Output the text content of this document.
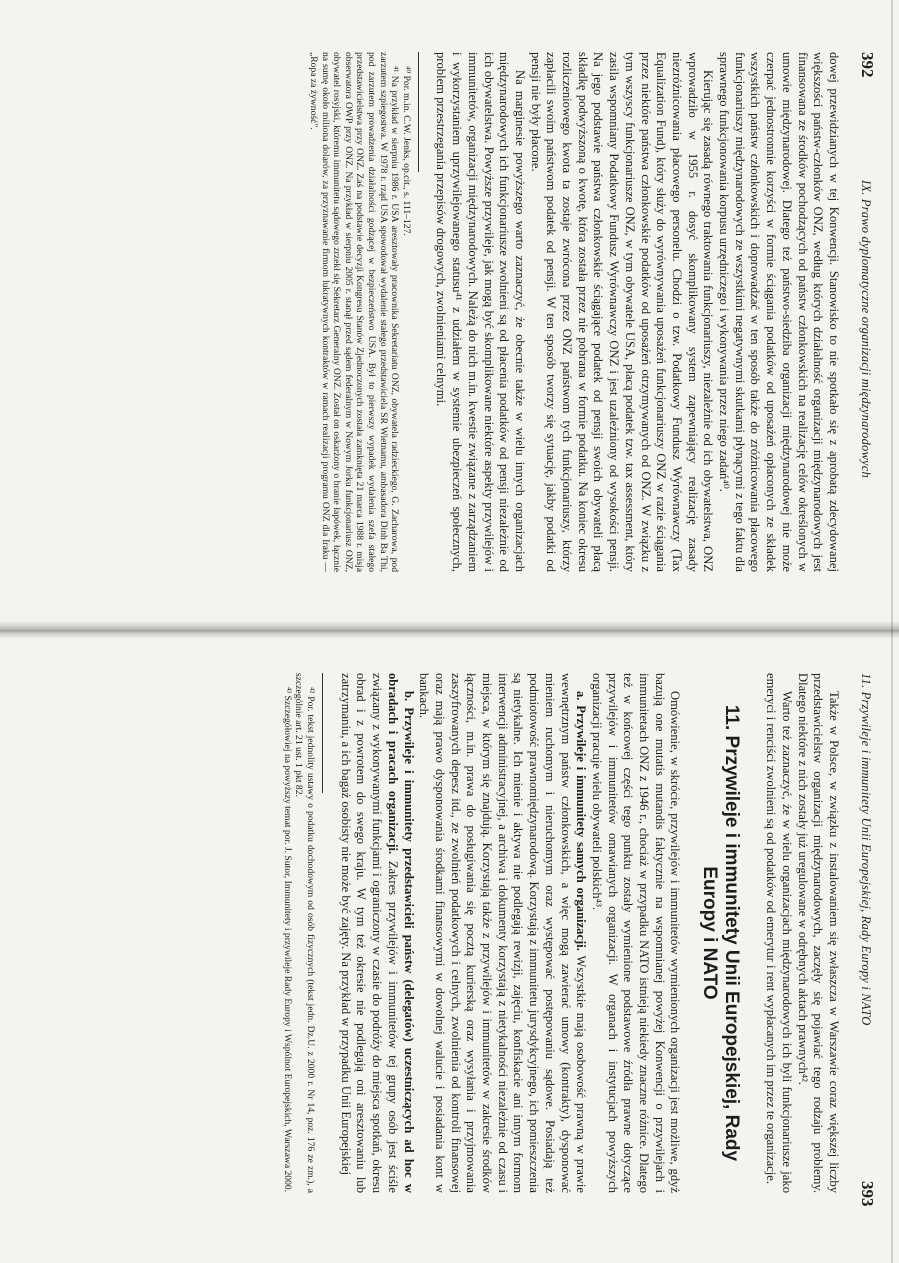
392
IX. Prawo dyplomatyczne organizacji międzynarodowych

dowej przewidzianych w tej Konwencji. Stanowisko to nie spotkało się z aprobatą zdecydowanej większości państw-członków ONZ, według których działalność organizacji międzynarodowych jest finansowana ze środków pochodzących od państw członkowskich na realizację celów określonych w umowie międzynarodowej. Dlatego też państwo-siedziba organizacji międzynarodowej nie może czerpać jednostronnie korzyści w formie ściągania podatków od uposażeń opłaconych ze składek wszystkich państw członkowskich i doprowadzać w ten sposób także do zróżnicowania płacowego funkcjonariuszy międzynarodowych ze wszystkimi negatywnymi skutkami płynącymi z tego faktu dla sprawnego funkcjonowania korpusu urzędniczego i wykonywania przez niego zadań⁴⁰.

Kierując się zasadą równego traktowania funkcjonariuszy, niezależnie od ich obywatelstwa, ONZ wprowadziło w 1955 r. dosyć skomplikowany system zapewniający realizację zasady niezróżnicowania płacowego personelu. Chodzi o tzw. Podatkowy Fundusz Wyrównawczy (Tax Equalization Fund), który służy do wyrównywania uposażeń funkcjonariuszy ONZ w razie ściągania przez niektóre państwa członkowskie podatków od uposażeń otrzymywanych od ONZ. W związku z tym wszyscy funkcjonariusze ONZ, w tym obywatele USA, płacą podatek tzw. tax assessment, który zasila wspomniany Podatkowy Fundusz Wyrównawczy ONZ i jest uzależniony od wysokości pensji. Na jego podstawie państwa członkowskie ściągające podatek od pensji swoich obywateli płacą składkę podwyższoną o kwotę, która została przez nie pobrana w formie podatku. Na koniec okresu rozliczeniowego kwota ta zostaje zwrócona przez ONZ państwom tych funkcjonariuszy, którzy zapłacili swoim państwom podatek od pensji. W ten sposób tworzy się sytuację, jakby podatki od pensji nie były płacone.

Na marginesie powyższego warto zaznaczyć, że obecnie także w wielu innych organizacjach międzynarodowych ich funkcjonariusze zwolnieni są od płacenia podatków od pensji niezależnie od ich obywatelstwa. Powyższe przywileje, jak mogą być skomplikowane niektóre aspekty przywilejów i immunitetów, organizacji międzynarodowych. Należą do nich m.in. kwestie związane z zarządzaniem i wykorzystaniem uprzywilejowanego statusu⁴¹ z udziałem w systemie ubezpieczeń społecznych, problem przestrzegania przepisów drogowych, zwolnieniami celnymi.

⁴⁰ Por. m.in. C.W. Jenks, op.cit., s. 111–127.

⁴¹ Na przykład w sierpniu 1986 r. USA aresztowały pracownika Sekretariatu ONZ, obywatela radzieckiego, G. Zacharowa, pod zarzutem szpiegostwa. W 1978 r. rząd USA spowodował wydalenie stałego przedstawiciela SR Wietnamu, ambasadora Dinh Ba Thi, pod zarzutem prowadzenia działalności godzącej w bezpieczeństwo USA. Był to pierwszy wypadek wydalenia szefa stałego przedstawicielstwa przy ONZ. Zaś na podstawie decyzji Kongresu Stanów Zjednoczonych została zamknięta 21 marca 1988 r. misja obserwatora OWP przy ONZ. Na przykład w sierpniu 2005 r. stanął przed sądem federalnym w Nowym Jorku funkcjonariusz ONZ, obywatel rosyjski, któremu immunitetu sądowego zrzekł się Sekretarz Generalny ONZ. Został on oskarżony o branie łapówek, łącznie na sumę około miliona dolarów, za przyznawanie firmom lukratywnych kontraktów w ramach realizacji programu ONZ dla Iraku — „Ropa za żywność".

11. Przywileje i immunitety Unii Europejskiej, Rady Europy i NATO
393

Także w Polsce, w związku z instalowaniem się zwłaszcza w Warszawie coraz większej liczby przedstawicielstw organizacji międzynarodowych, zaczęły się pojawiać tego rodzaju problemy. Dlatego niektóre z nich zostały już uregulowane w odrębnych aktach prawnych⁴².

Warto też zaznaczyć, że w wielu organizacjach międzynarodowych ich byli funkcjonariusze jako emeryci i renciści zwolnieni są od podatków od emerytur i rent wypłacanych im przez te organizacje.

11. Przywileje i immunitety Unii Europejskiej, Rady Europy i NATO

Omówienie, w skrócie, przywilejów i immunitetów wymienionych organizacji jest możliwe, gdyż bazują one mutatis mutandis faktycznie na wspomnianej powyżej Konwencji o przywilejach i immunitetach ONZ z 1946 r., chociaż w przypadku NATO istnieją niekiedy znaczne różnice. Dlatego też w końcowej części tego punktu zostały wymienione podstawowe źródła prawne dotyczące przywilejów i immunitetów omawianych organizacji. W organach i instytucjach powyższych organizacji pracuje wielu obywateli polskich⁴³.

a. Przywileje i immunitety samych organizacji. Wszystkie mają osobowość prawną w prawie wewnętrznym państw członkowskich, a więc mogą zawierać umowy (kontrakty), dysponować mieniem ruchomym i nieruchomym oraz występować postępowaniu sądowe. Posiadają też podmiotowość prawnomiędzynarodową. Korzystają z immunitetu jurysdykcyjnego, ich pomieszczenia są nietykalne. Ich mienie i aktywa nie podlegają rewizji, zajęciu, konfiskacie ani innym formom interwencji administracyjnej, a archiwa i dokumenty korzystają z nietykalności niezależnie od czasu i miejsca, w którym się znajdują. Korzystają także z przywilejów i immunitetów w zakresie środków łączności, m.in. prawa do posługiwania się pocztą kurierską oraz wysyłania i przyjmowania zaszyfrowanych depesz itd., ze zwolnień podatkowych i celnych, zwolnienia od kontroli finansowej oraz mają prawo dysponowania środkami finansowymi w dowolnej walucie i posiadania kont w bankach.

b. Przywileje i immunitety przedstawicieli państw (delegatów) uczestniczących ad hoc w obradach i pracach organizacji. Zakres przywilejów i immunitetów tej grupy osób jest ściśle związany z wykonywanymi funkcjami i ograniczony w czasie do podróży do miejsca spotkań, okresu obrad i z powrotem do swego kraju. W tym też okresie nie podlegają oni aresztowaniu lub zatrzymaniu, a ich bagaż osobisty nie może być zajęty. Na przykład w przypadku Unii Europejskiej

⁴² Por. tekst jednolity ustawy o podatku dochodowym od osób fizycznych (tekst jedn. Dz.U. z 2000 r. Nr 14, poz. 176 ze zm.), a szczególnie art. 21 ust. 1 pkt 82.

⁴³ Szczegółowiej na powyższy temat por. J. Sutor, Immunitety i przywileje Rady Europy i Wspólnot Europejskich, Warszawa 2000.
